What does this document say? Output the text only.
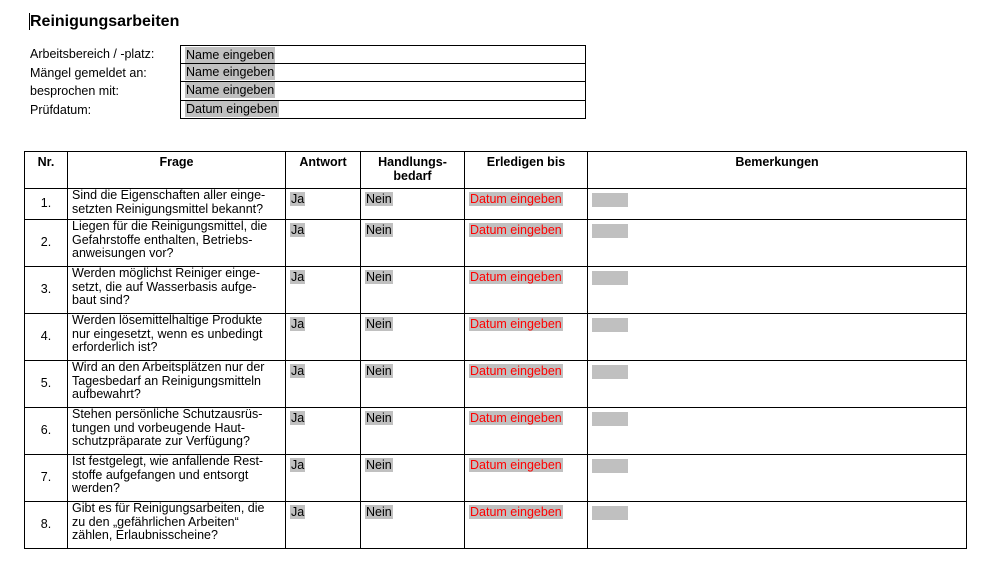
Reinigungsarbeiten
Arbeitsbereich / -platz:	Name eingeben
Mängel gemeldet an:	Name eingeben
besprochen mit:	Name eingeben
Prüfdatum:	Datum eingeben
Nr.	Frage	Antwort	Handlungs-
bedarf	Erledigen bis	Bemerkungen
1.	Sind die Eigenschaften aller einge-
setzten Reinigungsmittel bekannt?	Ja	Nein	Datum eingeben	

2.	Liegen für die Reinigungsmittel, die
Gefahrstoffe enthalten, Betriebs-
anweisungen vor?	Ja	Nein	Datum eingeben	

3.	Werden möglichst Reiniger einge-
setzt, die auf Wasserbasis aufge-
baut sind?	Ja	Nein	Datum eingeben	

4.	Werden lösemittelhaltige Produkte
nur eingesetzt, wenn es unbedingt
erforderlich ist?	Ja	Nein	Datum eingeben	

5.	Wird an den Arbeitsplätzen nur der
Tagesbedarf an Reinigungsmitteln
aufbewahrt?	Ja	Nein	Datum eingeben	

6.	Stehen persönliche Schutzausrüs-
tungen und vorbeugende Haut-
schutzpräparate zur Verfügung?	Ja	Nein	Datum eingeben	

7.	Ist festgelegt, wie anfallende Rest-
stoffe aufgefangen und entsorgt
werden?	Ja	Nein	Datum eingeben	

8.	Gibt es für Reinigungsarbeiten, die
zu den „gefährlichen Arbeiten“
zählen, Erlaubnisscheine?	Ja	Nein	Datum eingeben	
